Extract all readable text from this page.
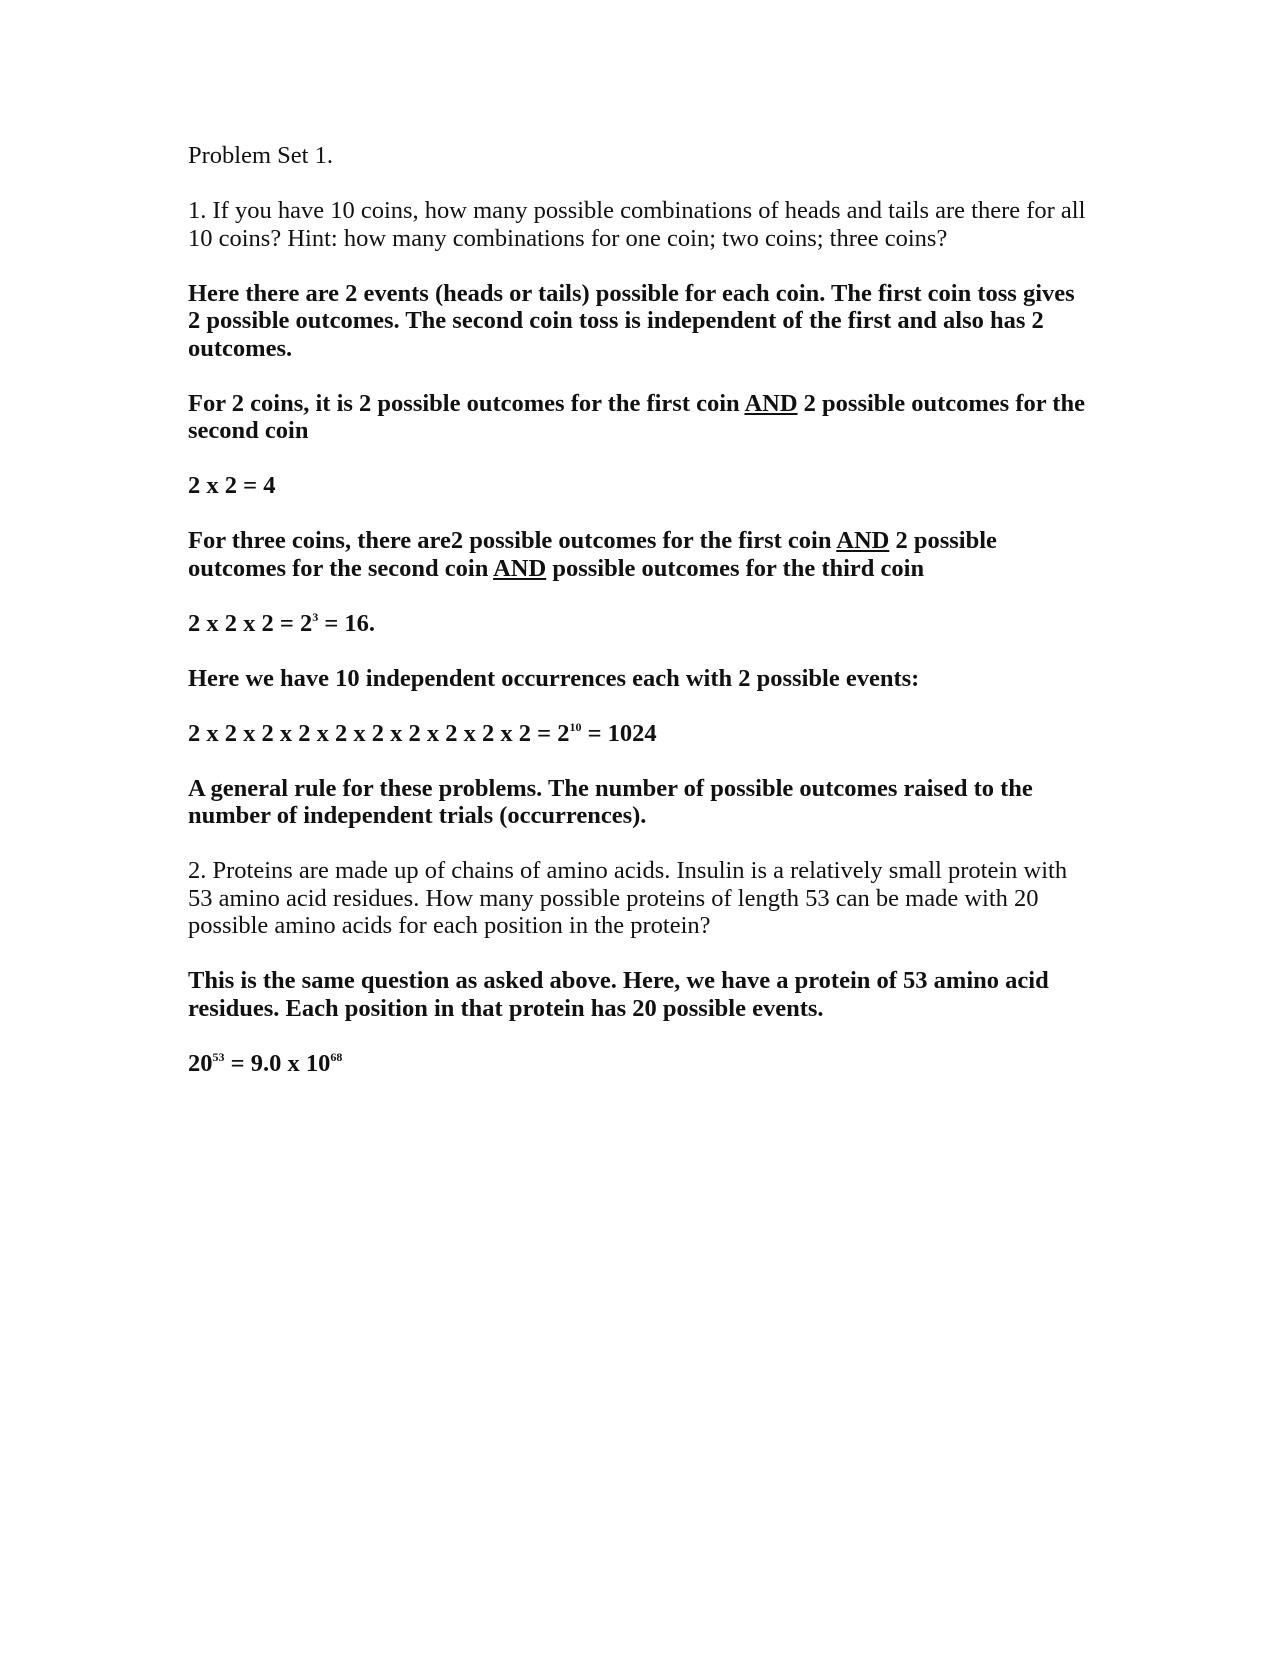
Problem Set 1.

1. If you have 10 coins, how many possible combinations of heads and tails are there for all 10 coins? Hint: how many combinations for one coin; two coins; three coins?

Here there are 2 events (heads or tails) possible for each coin. The first coin toss gives 2 possible outcomes. The second coin toss is independent of the first and also has 2 outcomes.

For 2 coins, it is 2 possible outcomes for the first coin AND 2 possible outcomes for the second coin

2 x 2 = 4

For three coins, there are2 possible outcomes for the first coin AND 2 possible outcomes for the second coin AND possible outcomes for the third coin

2 x 2 x $2 = 2^3 = 16$.

Here we have 10 independent occurrences each with 2 possible events:

2 x 2 x 2 x 2 x 2 x 2 x 2 x 2 x 2 x $2 = 2^{10} = 1024$

A general rule for these problems. The number of possible outcomes raised to the number of independent trials (occurrences).

2. Proteins are made up of chains of amino acids. Insulin is a relatively small protein with 53 amino acid residues. How many possible proteins of length 53 can be made with 20 possible amino acids for each position in the protein?

This is the same question as asked above. Here, we have a protein of 53 amino acid residues. Each position in that protein has 20 possible events.

$20^{53} = 9.0$ x $10^{68}$
